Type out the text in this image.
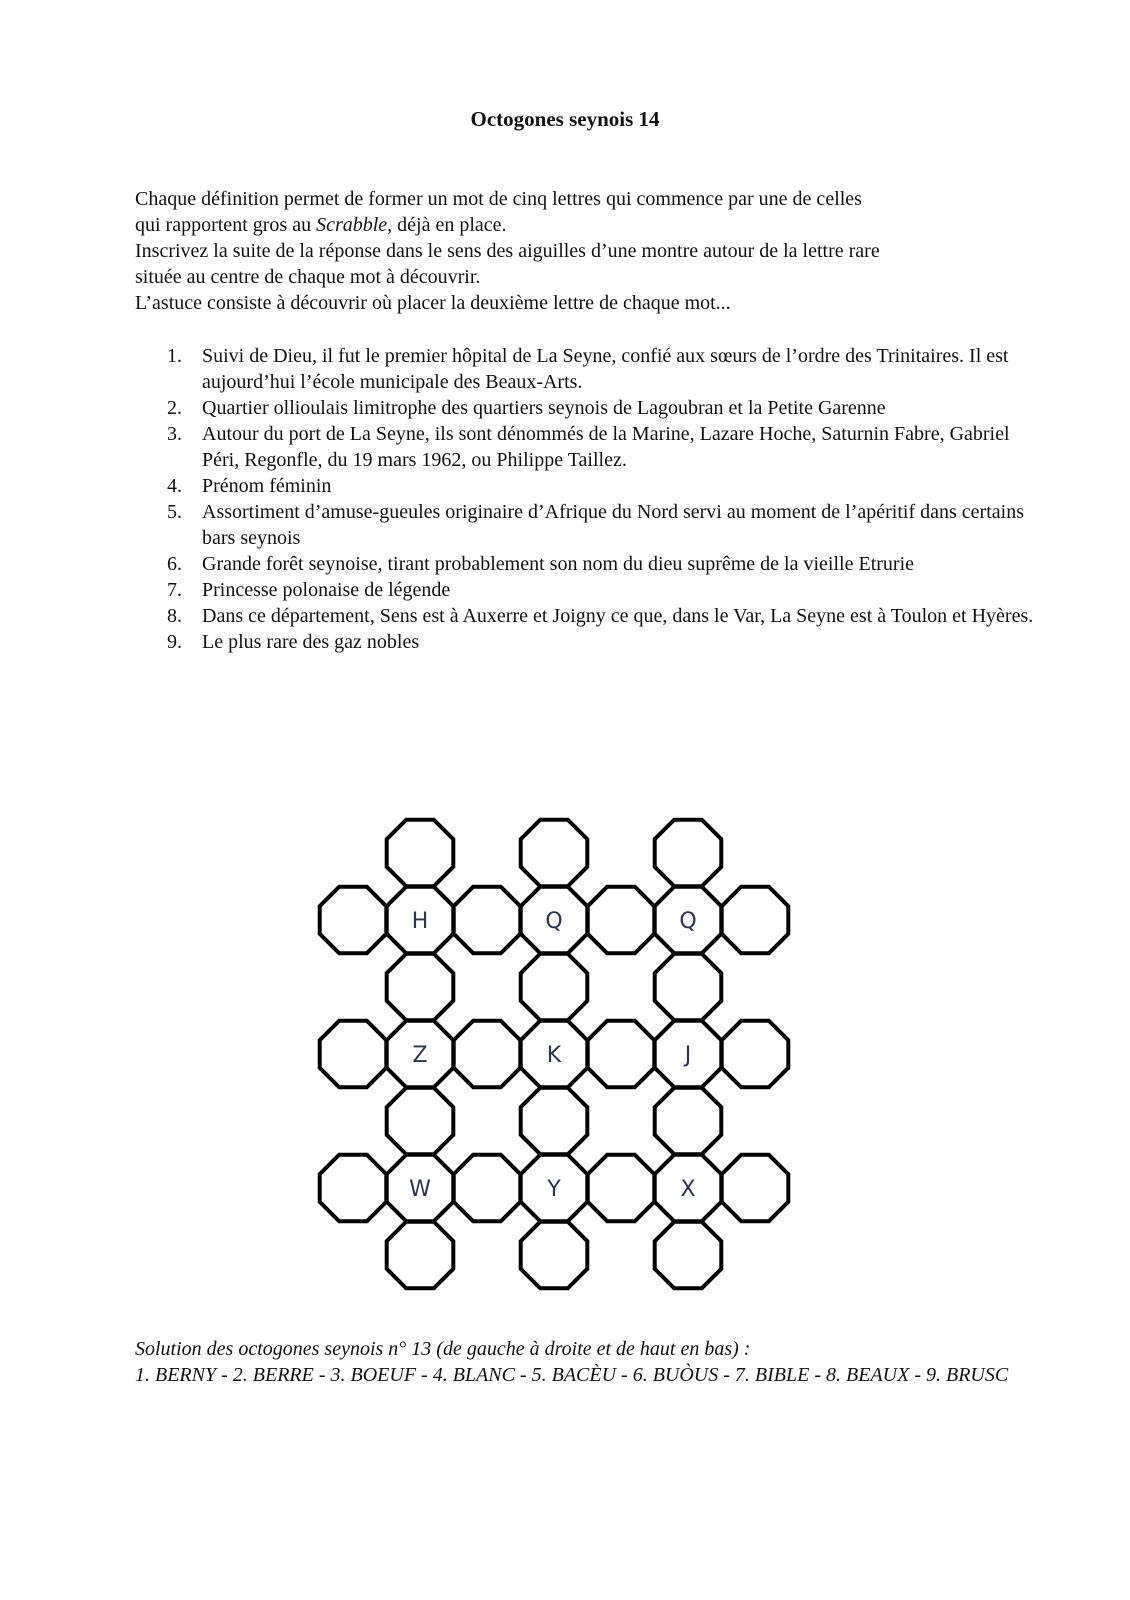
Octogones seynois 14

Chaque définition permet de former un mot de cinq lettres qui commence par une de celles

qui rapportent gros au Scrabble, déjà en place.

Inscrivez la suite de la réponse dans le sens des aiguilles d’une montre autour de la lettre rare

située au centre de chaque mot à découvrir.

L’astuce consiste à découvrir où placer la deuxième lettre de chaque mot...

1. Suivi de Dieu, il fut le premier hôpital de La Seyne, confié aux sœurs de l’ordre des Trinitaires. Il est aujourd’hui l’école municipale des Beaux-Arts.
2. Quartier ollioulais limitrophe des quartiers seynois de Lagoubran et la Petite Garenne
3. Autour du port de La Seyne, ils sont dénommés de la Marine, Lazare Hoche, Saturnin Fabre, Gabriel Péri, Regonfle, du 19 mars 1962, ou Philippe Taillez.
4. Prénom féminin
5. Assortiment d’amuse-gueules originaire d’Afrique du Nord servi au moment de l’apéritif dans certains bars seynois
6. Grande forêt seynoise, tirant probablement son nom du dieu suprême de la vieille Etrurie
7. Princesse polonaise de légende
8. Dans ce département, Sens est à Auxerre et Joigny ce que, dans le Var, La Seyne est à Toulon et Hyères.
9. Le plus rare des gaz nobles
H	Q	Q
Z	K	J
W	Y	X

Solution des octogones seynois n° 13 (de gauche à droite et de haut en bas) :

1. BERNY - 2. BERRE - 3. BOEUF - 4. BLANC - 5. BACÈU - 6. BUÒUS - 7. BIBLE - 8. BEAUX - 9. BRUSC
